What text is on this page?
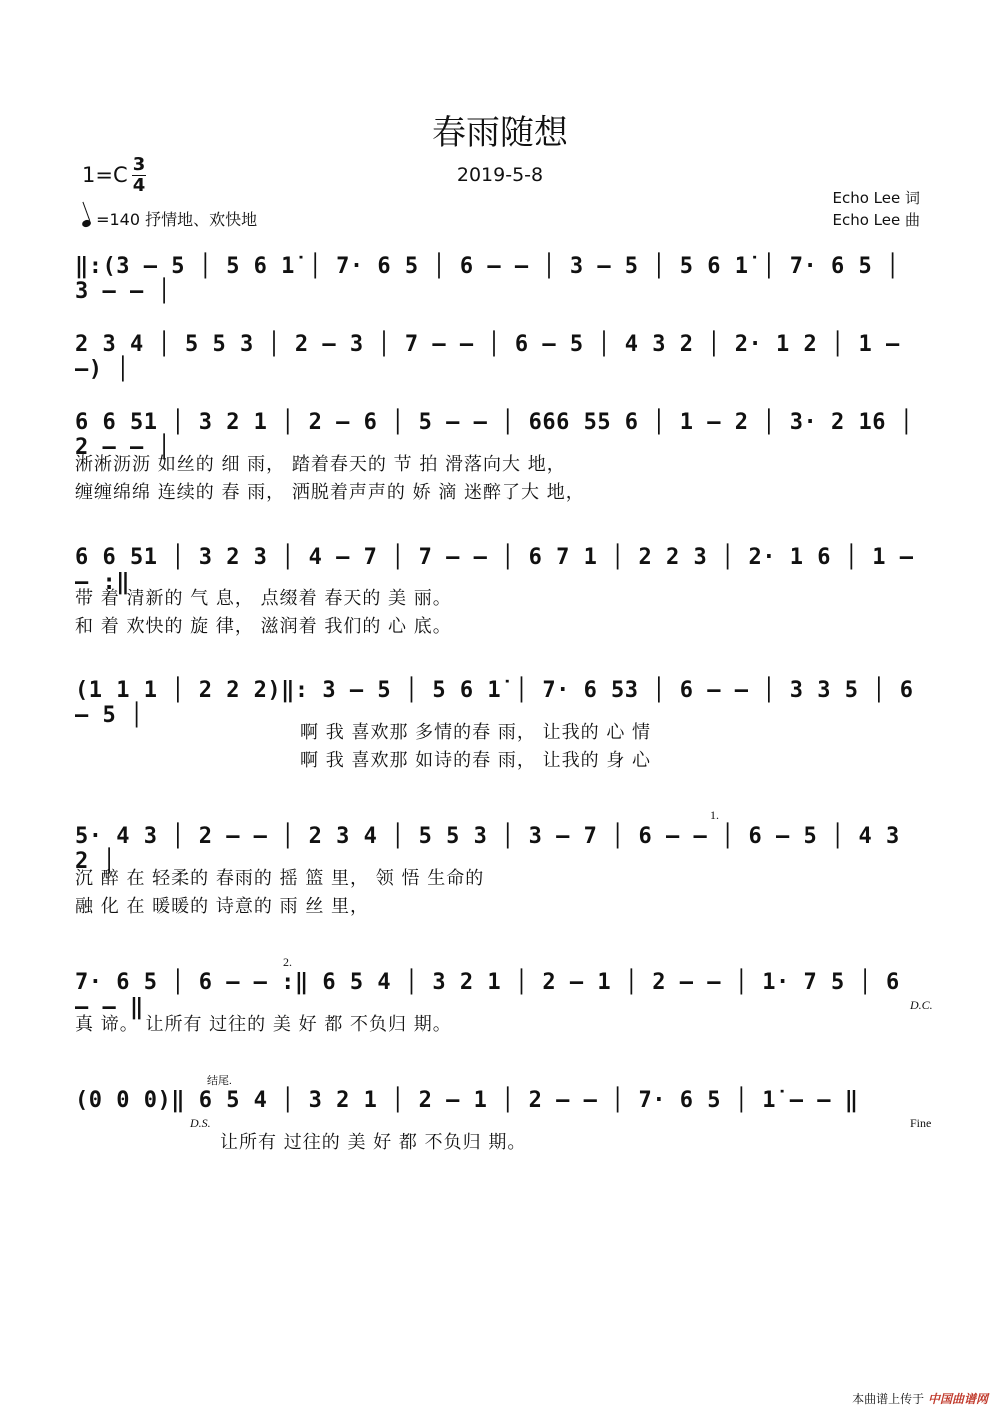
春雨随想
2019-5-8
1=C 3
4
=140 抒情地、欢快地
Echo Lee 词
Echo Lee 曲
‖:(3 – 5 │ 5 6 1̇ │ 7· 6 5 │ 6 – – │ 3 – 5 │ 5 6 1̇ │ 7· 6 5 │ 3 – – │
2 3 4 │ 5 5 3 │ 2 – 3 │ 7 – – │ 6 – 5 │ 4 3 2 │ 2· 1 2 │ 1 – –) │
6 6 51 │ 3 2 1 │ 2 – 6 │ 5 – – │ 666 55 6 │ 1 – 2 │ 3· 2 16 │ 2 – – │
淅淅沥沥 如丝的 细 雨， 踏着春天的 节 拍 滑落向大 地，
缠缠绵绵 连续的 春 雨， 洒脱着声声的 娇 滴 迷醉了大 地，
6 6 51 │ 3 2 3 │ 4 – 7 │ 7 – – │ 6 7 1 │ 2 2 3 │ 2· 1 6 │ 1 – – :‖
带 着 清新的 气 息， 点缀着 春天的 美 丽。
和 着 欢快的 旋 律， 滋润着 我们的 心 底。
(1 1 1 │ 2 2 2)‖: 3 – 5 │ 5 6 1̇ │ 7· 6 53 │ 6 – – │ 3 3 5 │ 6 – 5 │
啊 我 喜欢那 多情的春 雨， 让我的 心 情
啊 我 喜欢那 如诗的春 雨， 让我的 身 心
1.
5· 4 3 │ 2 – – │ 2 3 4 │ 5 5 3 │ 3 – 7 │ 6 – – │ 6 – 5 │ 4 3 2 │
沉 醉 在 轻柔的 春雨的 摇 篮 里， 领 悟 生命的
融 化 在 暖暖的 诗意的 雨 丝 里，
2.
7· 6 5 │ 6 – – :‖ 6 5 4 │ 3 2 1 │ 2 – 1 │ 2 – – │ 1· 7 5 │ 6 – – ‖	D.C.
真 谛。 让所有 过往的 美 好 都 不负归 期。
结尾.
(0 0 0)‖ 6 5 4 │ 3 2 1 │ 2 – 1 │ 2 – – │ 7· 6 5 │ 1̇ – – ‖
D.S.	Fine
让所有 过往的 美 好 都 不负归 期。
本曲谱上传于 中国曲谱网
